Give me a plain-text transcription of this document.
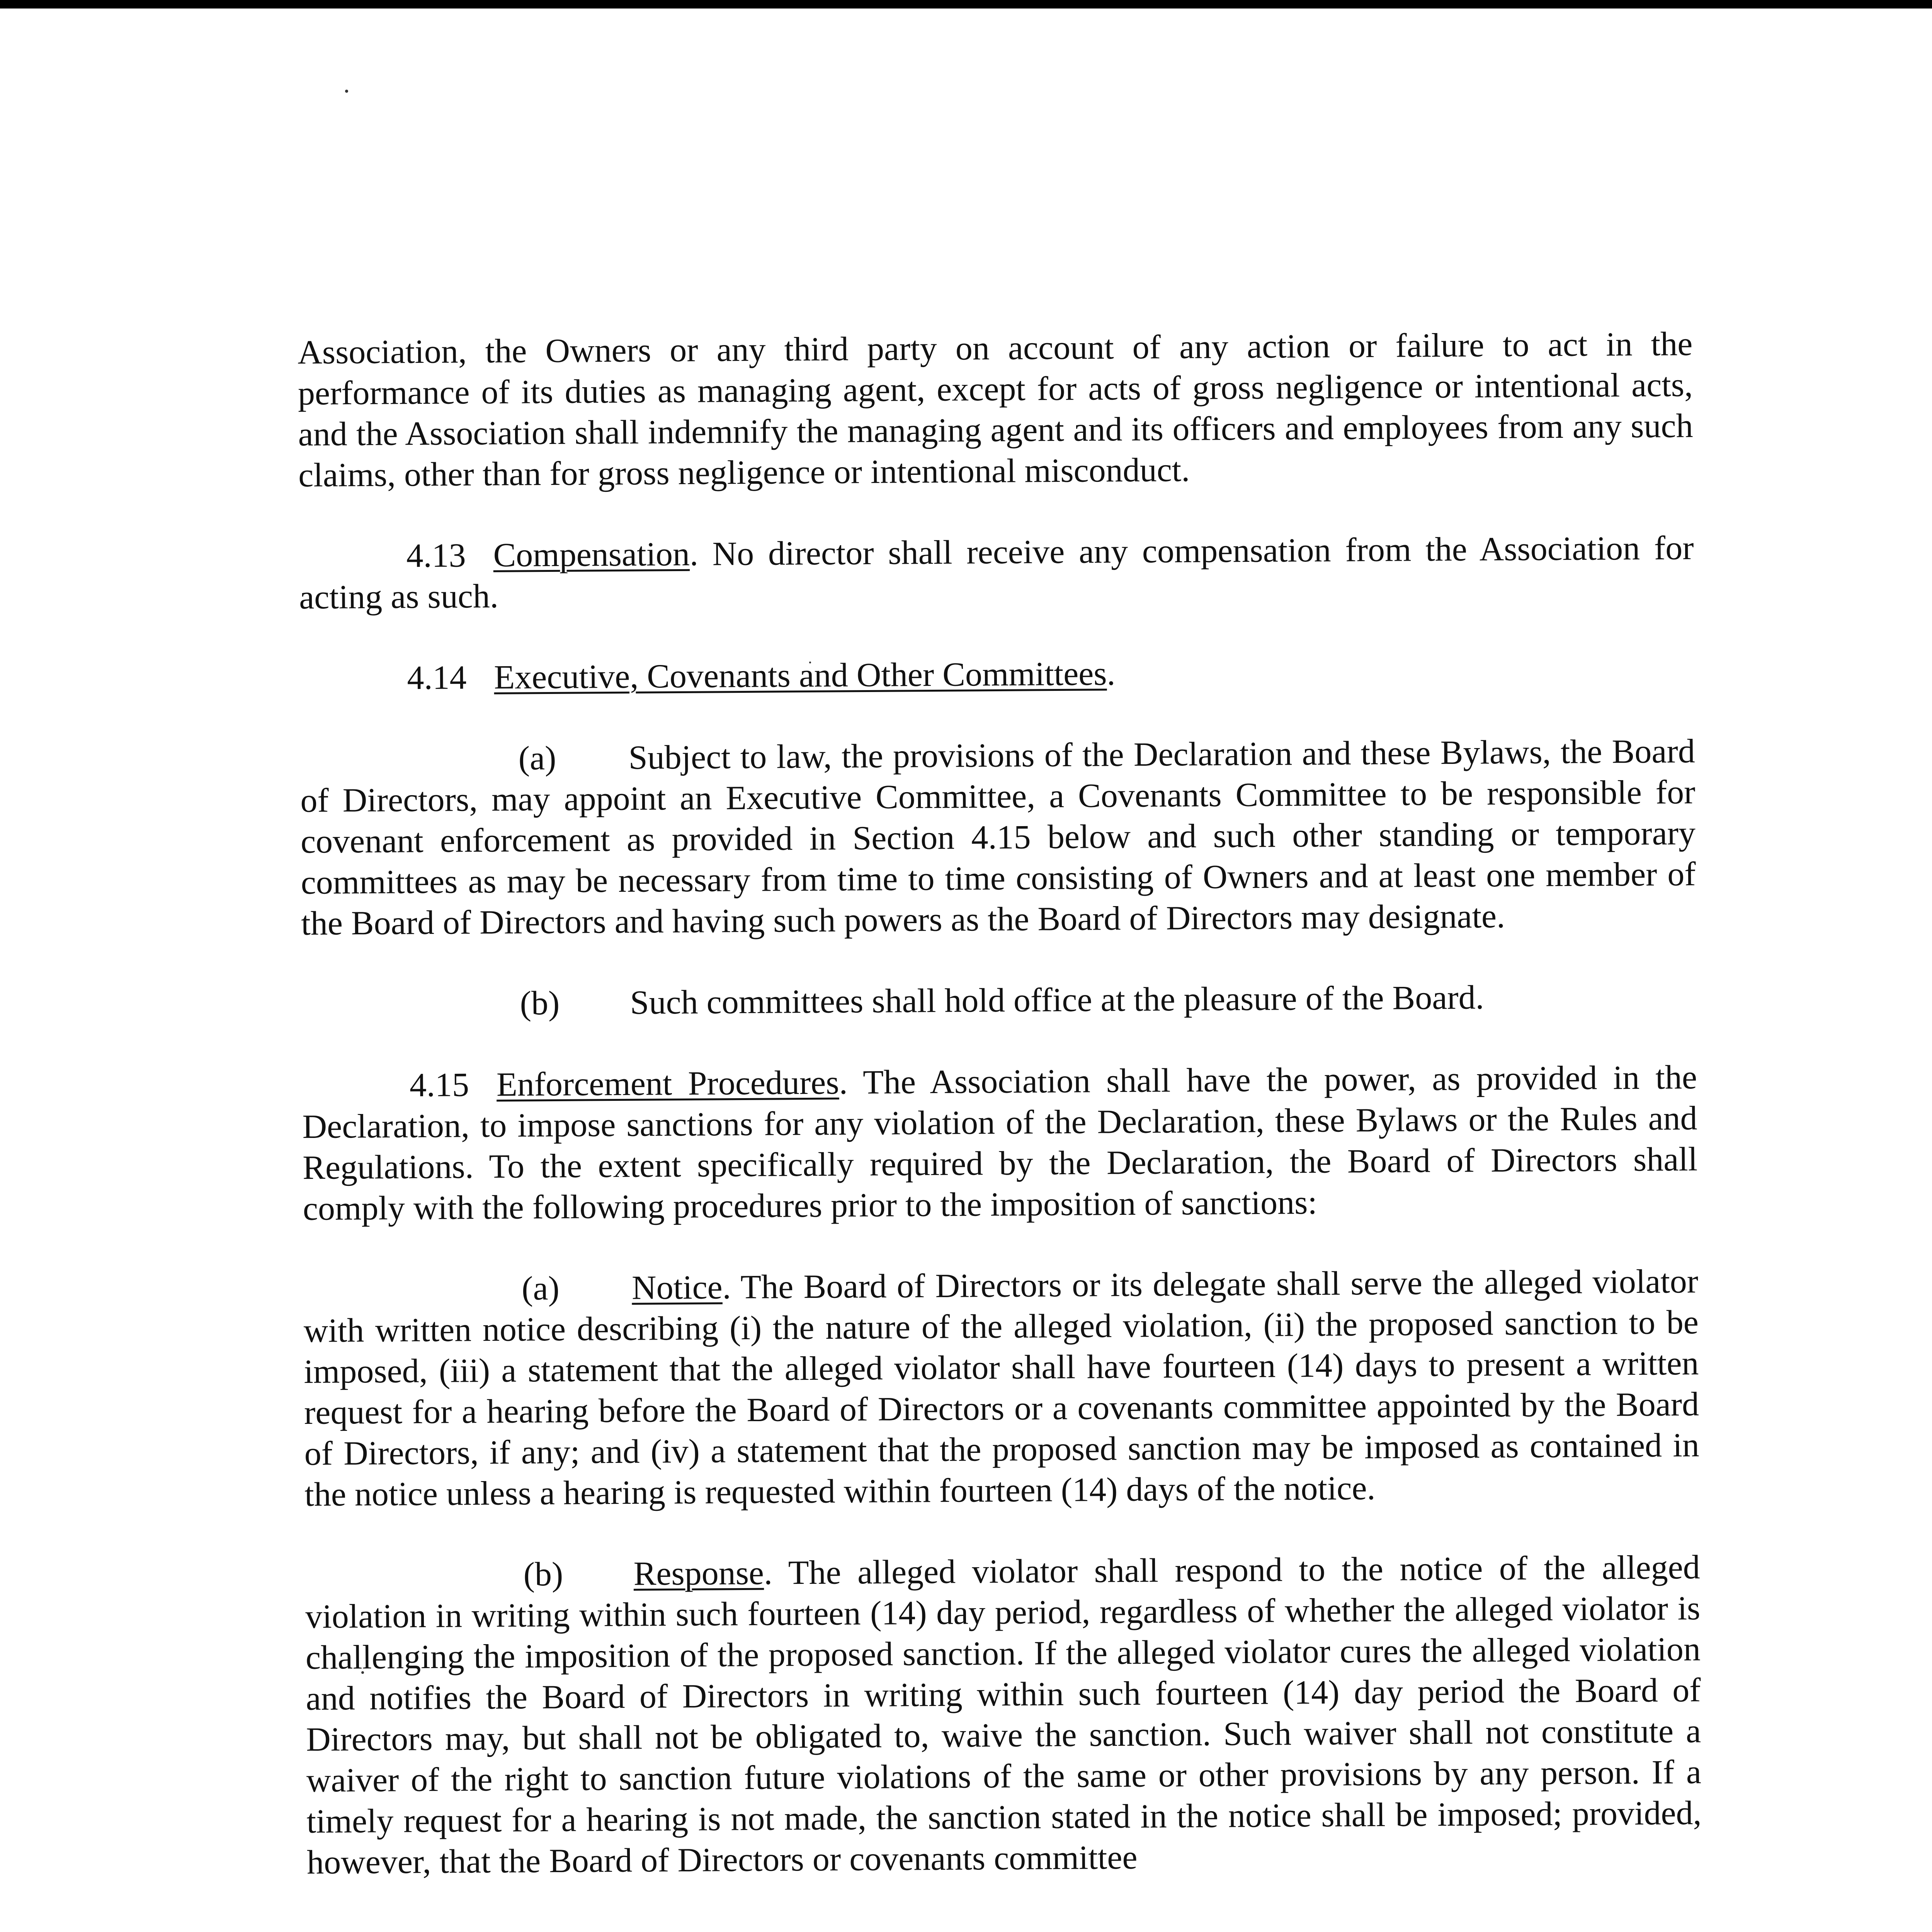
Association, the Owners or any third party on account of any action or failure to act in the performance of its duties as managing agent, except for acts of gross negligence or intentional acts, and the Association shall indemnify the managing agent and its officers and employees from any such claims, other than for gross negligence or intentional misconduct.

4.13 Compensation. No director shall receive any compensation from the Association for acting as such.

4.14 Executive, Covenants and Other Committees.

(a) Subject to law, the provisions of the Declaration and these Bylaws, the Board of Directors, may appoint an Executive Committee, a Covenants Committee to be responsible for covenant enforcement as provided in Section 4.15 below and such other standing or temporary committees as may be necessary from time to time consisting of Owners and at least one member of the Board of Directors and having such powers as the Board of Directors may designate.

(b) Such committees shall hold office at the pleasure of the Board.

4.15 Enforcement Procedures. The Association shall have the power, as provided in the Declaration, to impose sanctions for any violation of the Declaration, these Bylaws or the Rules and Regulations. To the extent specifically required by the Declaration, the Board of Directors shall comply with the following procedures prior to the imposition of sanctions:

(a) Notice. The Board of Directors or its delegate shall serve the alleged violator with written notice describing (i) the nature of the alleged violation, (ii) the proposed sanction to be imposed, (iii) a statement that the alleged violator shall have fourteen (14) days to present a written request for a hearing before the Board of Directors or a covenants committee appointed by the Board of Directors, if any; and (iv) a statement that the proposed sanction may be imposed as contained in the notice unless a hearing is requested within fourteen (14) days of the notice.

(b) Response. The alleged violator shall respond to the notice of the alleged violation in writing within such fourteen (14) day period, regardless of whether the alleged violator is challenging the imposition of the proposed sanction. If the alleged violator cures the alleged violation and notifies the Board of Directors in writing within such fourteen (14) day period the Board of Directors may, but shall not be obligated to, waive the sanction. Such waiver shall not constitute a waiver of the right to sanction future violations of the same or other provisions by any person. If a timely request for a hearing is not made, the sanction stated in the notice shall be imposed; provided, however, that the Board of Directors or covenants committee
